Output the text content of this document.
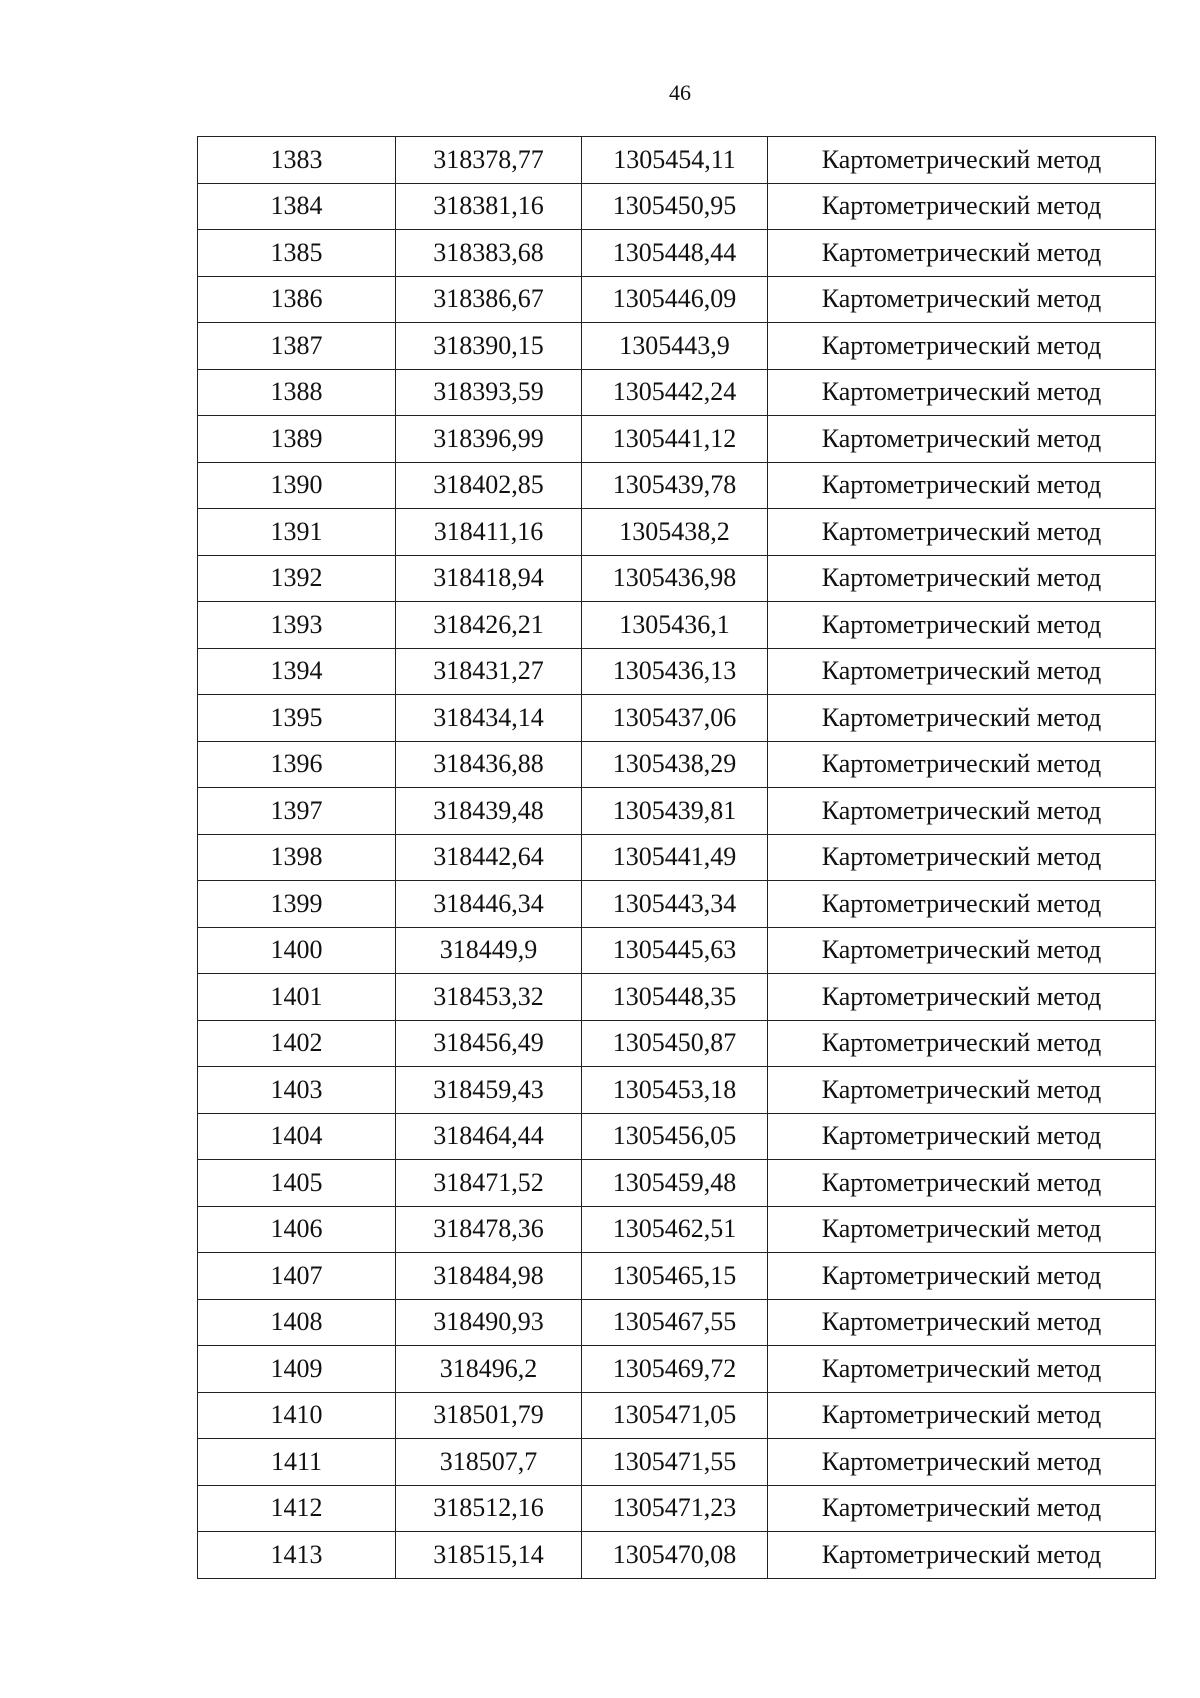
46
1383	318378,77	1305454,11	Картометрический метод
1384	318381,16	1305450,95	Картометрический метод
1385	318383,68	1305448,44	Картометрический метод
1386	318386,67	1305446,09	Картометрический метод
1387	318390,15	1305443,9	Картометрический метод
1388	318393,59	1305442,24	Картометрический метод
1389	318396,99	1305441,12	Картометрический метод
1390	318402,85	1305439,78	Картометрический метод
1391	318411,16	1305438,2	Картометрический метод
1392	318418,94	1305436,98	Картометрический метод
1393	318426,21	1305436,1	Картометрический метод
1394	318431,27	1305436,13	Картометрический метод
1395	318434,14	1305437,06	Картометрический метод
1396	318436,88	1305438,29	Картометрический метод
1397	318439,48	1305439,81	Картометрический метод
1398	318442,64	1305441,49	Картометрический метод
1399	318446,34	1305443,34	Картометрический метод
1400	318449,9	1305445,63	Картометрический метод
1401	318453,32	1305448,35	Картометрический метод
1402	318456,49	1305450,87	Картометрический метод
1403	318459,43	1305453,18	Картометрический метод
1404	318464,44	1305456,05	Картометрический метод
1405	318471,52	1305459,48	Картометрический метод
1406	318478,36	1305462,51	Картометрический метод
1407	318484,98	1305465,15	Картометрический метод
1408	318490,93	1305467,55	Картометрический метод
1409	318496,2	1305469,72	Картометрический метод
1410	318501,79	1305471,05	Картометрический метод
1411	318507,7	1305471,55	Картометрический метод
1412	318512,16	1305471,23	Картометрический метод
1413	318515,14	1305470,08	Картометрический метод
